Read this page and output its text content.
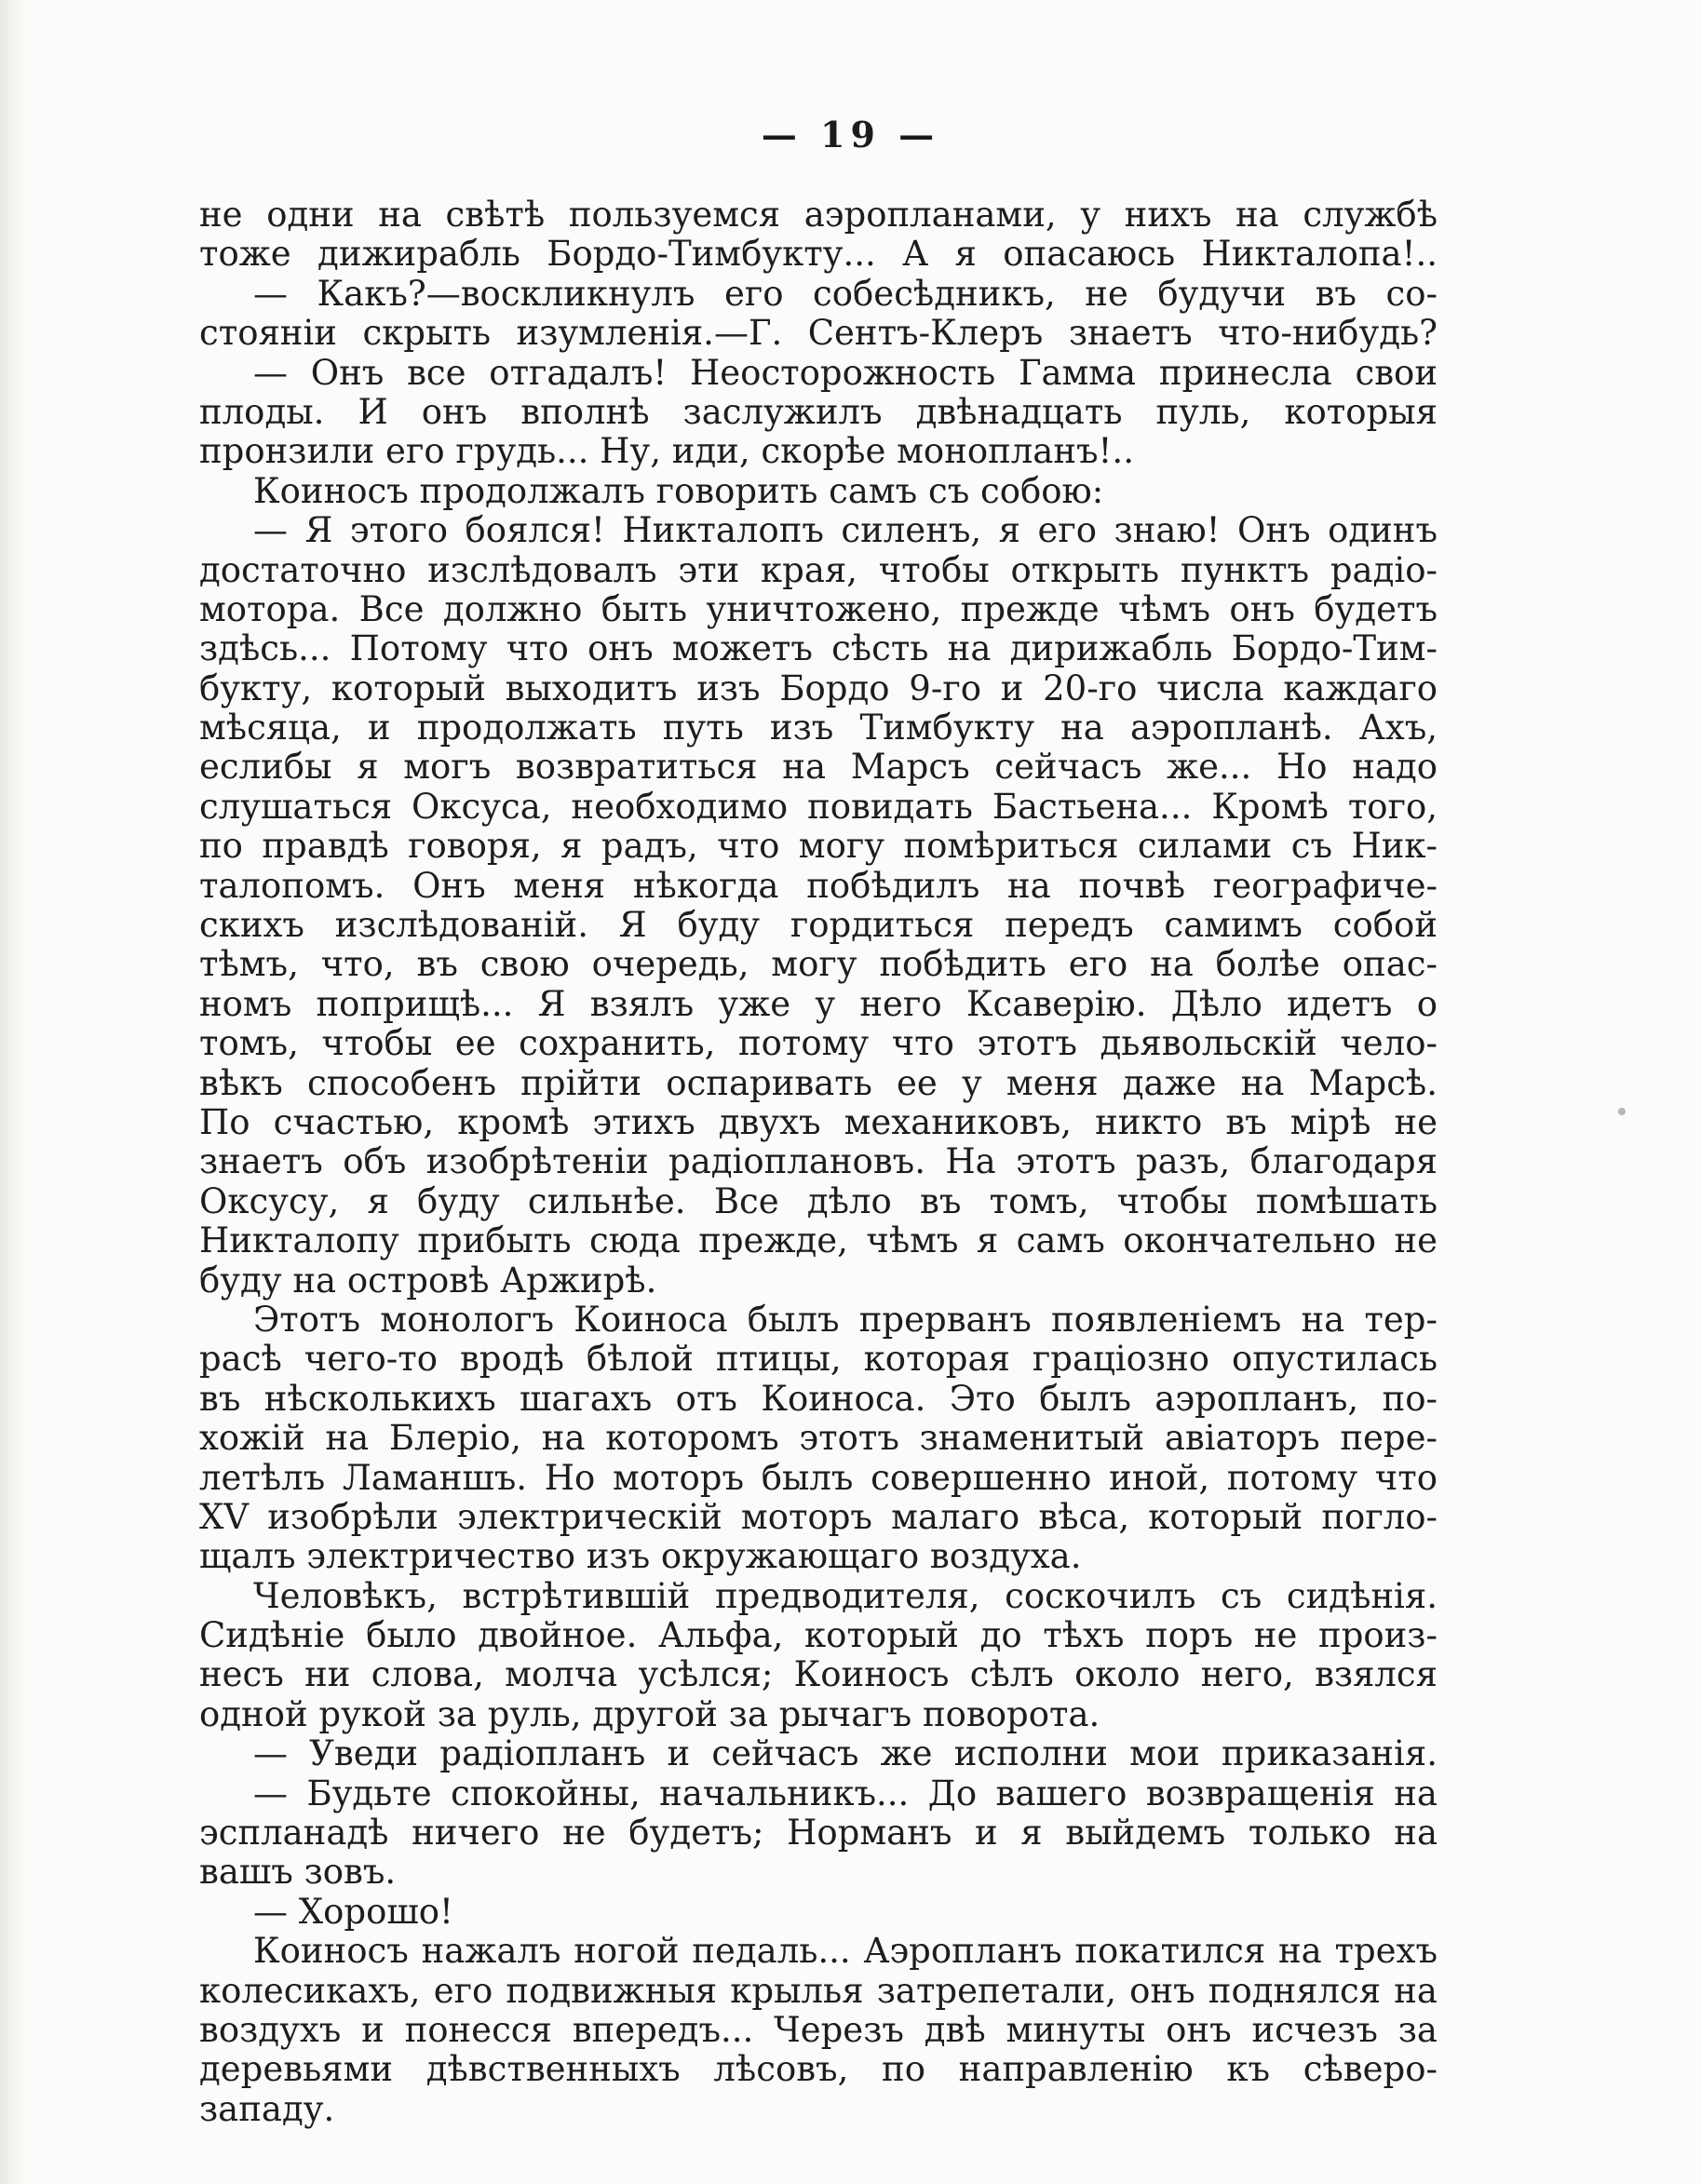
— 19 —
не одни на свѣтѣ пользуемся аэропланами, у нихъ на службѣ
тоже дижирабль Бордо-Тимбукту... А я опасаюсь Никталопа!..
— Какъ?—воскликнулъ его собесѣдникъ, не будучи въ со-
стояніи скрыть изумленія.—Г. Сентъ-Клеръ знаетъ что-нибудь?
— Онъ все отгадалъ! Неосторожность Гамма принесла свои
плоды. И онъ вполнѣ заслужилъ двѣнадцать пуль, которыя
пронзили его грудь... Ну, иди, скорѣе монопланъ!..
Коиносъ продолжалъ говорить самъ съ собою:
— Я этого боялся! Никталопъ силенъ, я его знаю! Онъ одинъ
достаточно изслѣдовалъ эти края, чтобы открыть пунктъ радіо-
мотора. Все должно быть уничтожено, прежде чѣмъ онъ будетъ
здѣсь... Потому что онъ можетъ сѣсть на дирижабль Бордо-Тим-
букту, который выходитъ изъ Бордо 9-го и 20-го числа каждаго
мѣсяца, и продолжать путь изъ Тимбукту на аэропланѣ. Ахъ,
еслибы я могъ возвратиться на Марсъ сейчасъ же... Но надо
слушаться Оксуса, необходимо повидать Бастьена... Кромѣ того,
по правдѣ говоря, я радъ, что могу помѣриться силами съ Ник-
талопомъ. Онъ меня нѣкогда побѣдилъ на почвѣ географиче-
скихъ изслѣдованій. Я буду гордиться передъ самимъ собой
тѣмъ, что, въ свою очередь, могу побѣдить его на болѣе опас-
номъ поприщѣ... Я взялъ уже у него Ксаверію. Дѣло идетъ о
томъ, чтобы ее сохранить, потому что этотъ дьявольскій чело-
вѣкъ способенъ прійти оспаривать ее у меня даже на Марсѣ.
По счастью, кромѣ этихъ двухъ механиковъ, никто въ мірѣ не
знаетъ объ изобрѣтеніи радіоплановъ. На этотъ разъ, благодаря
Оксусу, я буду сильнѣе. Все дѣло въ томъ, чтобы помѣшать
Никталопу прибыть сюда прежде, чѣмъ я самъ окончательно не
буду на островѣ Аржирѣ.
Этотъ монологъ Коиноса былъ прерванъ появленіемъ на тер-
расѣ чего-то вродѣ бѣлой птицы, которая граціозно опустилась
въ нѣсколькихъ шагахъ отъ Коиноса. Это былъ аэропланъ, по-
хожій на Блеріо, на которомъ этотъ знаменитый авіаторъ пере-
летѣлъ Ламаншъ. Но моторъ былъ совершенно иной, потому что
XV изобрѣли электрическій моторъ малаго вѣса, который погло-
щалъ электричество изъ окружающаго воздуха.
Человѣкъ, встрѣтившій предводителя, соскочилъ съ сидѣнія.
Сидѣніе было двойное. Альфа, который до тѣхъ поръ не произ-
несъ ни слова, молча усѣлся; Коиносъ сѣлъ около него, взялся
одной рукой за руль, другой за рычагъ поворота.
— Уведи радіопланъ и сейчасъ же исполни мои приказанія.
— Будьте спокойны, начальникъ... До вашего возвращенія на
эспланадѣ ничего не будетъ; Норманъ и я выйдемъ только на
вашъ зовъ.
— Хорошо!
Коиносъ нажалъ ногой педаль... Аэропланъ покатился на трехъ
колесикахъ, его подвижныя крылья затрепетали, онъ поднялся на
воздухъ и понесся впередъ... Черезъ двѣ минуты онъ исчезъ за
деревьями дѣвственныхъ лѣсовъ, по направленію къ сѣверо-
западу.
